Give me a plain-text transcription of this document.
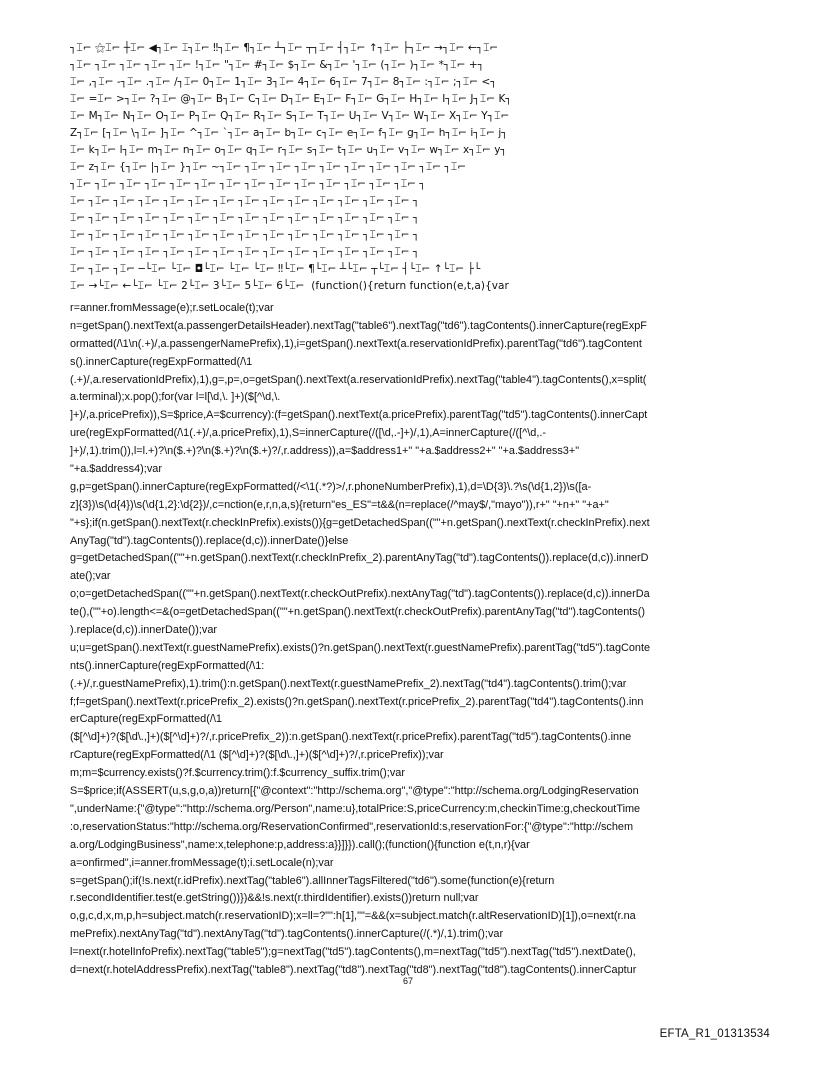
┐⌶⌐ ⚝⌶⌐ ┼⌶⌐ ◀┐⌶⌐ ⌶┐⌶⌐ ‼┐⌶⌐ ¶┐⌶⌐ ┴┐⌶⌐ ┬┐⌶⌐ ┤┐⌶⌐ ↑┐⌶⌐ ├┐⌶⌐ →┐⌶⌐ ←┐⌶⌐
┐⌶⌐ ┐⌶⌐ ┐⌶⌐ ┐⌶⌐ ┐⌶⌐ !┐⌶⌐ "┐⌶⌐ #┐⌶⌐ $┐⌶⌐ &┐⌶⌐ '┐⌶⌐ (┐⌶⌐ )┐⌶⌐ *┐⌶⌐ +┐
⌶⌐ ,┐⌶⌐ -┐⌶⌐ .┐⌶⌐ /┐⌶⌐ 0┐⌶⌐ 1┐⌶⌐ 3┐⌶⌐ 4┐⌶⌐ 6┐⌶⌐ 7┐⌶⌐ 8┐⌶⌐ :┐⌶⌐ ;┐⌶⌐ <┐
⌶⌐ =⌶⌐ >┐⌶⌐ ?┐⌶⌐ @┐⌶⌐ B┐⌶⌐ C┐⌶⌐ D┐⌶⌐ E┐⌶⌐ F┐⌶⌐ G┐⌶⌐ H┐⌶⌐ I┐⌶⌐ J┐⌶⌐ K┐
⌶⌐ M┐⌶⌐ N┐⌶⌐ O┐⌶⌐ P┐⌶⌐ Q┐⌶⌐ R┐⌶⌐ S┐⌶⌐ T┐⌶⌐ U┐⌶⌐ V┐⌶⌐ W┐⌶⌐ X┐⌶⌐ Y┐⌶⌐
Z┐⌶⌐ [┐⌶⌐ \┐⌶⌐ ]┐⌶⌐ ^┐⌶⌐ `┐⌶⌐ a┐⌶⌐ b┐⌶⌐ c┐⌶⌐ e┐⌶⌐ f┐⌶⌐ g┐⌶⌐ h┐⌶⌐ i┐⌶⌐ j┐
⌶⌐ k┐⌶⌐ l┐⌶⌐ m┐⌶⌐ n┐⌶⌐ o┐⌶⌐ q┐⌶⌐ r┐⌶⌐ s┐⌶⌐ t┐⌶⌐ u┐⌶⌐ v┐⌶⌐ w┐⌶⌐ x┐⌶⌐ y┐
⌶⌐ z┐⌶⌐ {┐⌶⌐ |┐⌶⌐ }┐⌶⌐ ~┐⌶⌐ ┐⌶⌐ ┐⌶⌐ ┐⌶⌐ ┐⌶⌐ ┐⌶⌐ ┐⌶⌐ ┐⌶⌐ ┐⌶⌐ ┐⌶⌐
┐⌶⌐ ┐⌶⌐ ┐⌶⌐ ┐⌶⌐ ┐⌶⌐ ┐⌶⌐ ┐⌶⌐ ┐⌶⌐ ┐⌶⌐ ┐⌶⌐ ┐⌶⌐ ┐⌶⌐ ┐⌶⌐ ┐⌶⌐ ┐
⌶⌐ ┐⌶⌐ ┐⌶⌐ ┐⌶⌐ ┐⌶⌐ ┐⌶⌐ ┐⌶⌐ ┐⌶⌐ ┐⌶⌐ ┐⌶⌐ ┐⌶⌐ ┐⌶⌐ ┐⌶⌐ ┐⌶⌐ ┐
⌶⌐ ┐⌶⌐ ┐⌶⌐ ┐⌶⌐ ┐⌶⌐ ┐⌶⌐ ┐⌶⌐ ┐⌶⌐ ┐⌶⌐ ┐⌶⌐ ┐⌶⌐ ┐⌶⌐ ┐⌶⌐ ┐⌶⌐ ┐
⌶⌐ ┐⌶⌐ ┐⌶⌐ ┐⌶⌐ ┐⌶⌐ ┐⌶⌐ ┐⌶⌐ ┐⌶⌐ ┐⌶⌐ ┐⌶⌐ ┐⌶⌐ ┐⌶⌐ ┐⌶⌐ ┐⌶⌐ ┐
⌶⌐ ┐⌶⌐ ┐⌶⌐ ┐⌶⌐ ┐⌶⌐ ┐⌶⌐ ┐⌶⌐ ┐⌶⌐ ┐⌶⌐ ┐⌶⌐ ┐⌶⌐ ┐⌶⌐ ┐⌶⌐ ┐⌶⌐ ┐
⌶⌐ ┐⌶⌐ ┐⌶⌐ ─└⌶⌐ └⌶⌐ ◘└⌶⌐ └⌶⌐ └⌶⌐ ‼└⌶⌐ ¶└⌶⌐ ┴└⌶⌐ ┬└⌶⌐ ┤└⌶⌐ ↑└⌶⌐ ├└
⌶⌐ →└⌶⌐ ←└⌶⌐ └⌶⌐ 2└⌶⌐ 3└⌶⌐ 5└⌶⌐ 6└⌶⌐  (function(){return function(e,t,a){var
r=anner.fromMessage(e);r.setLocale(t);var
n=getSpan().nextText(a.passengerDetailsHeader).nextTag("table6").nextTag("td6").tagContents().innerCapture(regExpF
ormatted(/\1\n(.+)/,a.passengerNamePrefix),1),i=getSpan().nextText(a.reservationIdPrefix).parentTag("td6").tagContent
s().innerCapture(regExpFormatted(/\1
(.+)/,a.reservationIdPrefix),1),g=,p=,o=getSpan().nextText(a.reservationIdPrefix).nextTag("table4").tagContents(),x=split(
a.terminal);x.pop();for(var l=l[\d,\. ]+)($[^\d,\.
]+)/,a.pricePrefix)),S=$price,A=$currency):(f=getSpan().nextText(a.pricePrefix).parentTag("td5").tagContents().innerCapt
ure(regExpFormatted(/\1(.+)/,a.pricePrefix),1),S=innerCapture(/([\d,.-]+)/,1),A=innerCapture(/([^\d,.-
]+)/,1).trim()),l=l.+)?\n($.+)?\n($.+)?\n($.+)?/,r.address)),a=$address1+" "+a.$address2+" "+a.$address3+"
"+a.$address4);var
g,p=getSpan().innerCapture(regExpFormatted(/<\1(.*?)>/,r.phoneNumberPrefix),1),d=\D{3}\.?\s(\d{1,2})\s([a-
z]{3})\s(\d{4})\s(\d{1,2}:\d{2})/,c=nction(e,r,n,a,s){return"es_ES"=t&&(n=replace(/^may$/,"mayo")),r+" "+n+" "+a+"
"+s};if(n.getSpan().nextText(r.checkInPrefix).exists()){g=getDetachedSpan((""+n.getSpan().nextText(r.checkInPrefix).next
AnyTag("td").tagContents()).replace(d,c)).innerDate()}else
g=getDetachedSpan((""+n.getSpan().nextText(r.checkInPrefix_2).parentAnyTag("td").tagContents()).replace(d,c)).innerD
ate();var
o;o=getDetachedSpan((""+n.getSpan().nextText(r.checkOutPrefix).nextAnyTag("td").tagContents()).replace(d,c)).innerDa
te(),(""+o).length<=&(o=getDetachedSpan((""+n.getSpan().nextText(r.checkOutPrefix).parentAnyTag("td").tagContents()
).replace(d,c)).innerDate());var
u;u=getSpan().nextText(r.guestNamePrefix).exists()?n.getSpan().nextText(r.guestNamePrefix).parentTag("td5").tagConte
nts().innerCapture(regExpFormatted(/\1:
(.+)/,r.guestNamePrefix),1).trim():n.getSpan().nextText(r.guestNamePrefix_2).nextTag("td4").tagContents().trim();var
f;f=getSpan().nextText(r.pricePrefix_2).exists()?n.getSpan().nextText(r.pricePrefix_2).parentTag("td4").tagContents().inn
erCapture(regExpFormatted(/\1
($[^\d]+)?($[\d\.,]+)($[^\d]+)?/,r.pricePrefix_2)):n.getSpan().nextText(r.pricePrefix).parentTag("td5").tagContents().inne
rCapture(regExpFormatted(/\1 ($[^\d]+)?($[\d\.,]+)($[^\d]+)?/,r.pricePrefix));var
m;m=$currency.exists()?f.$currency.trim():f.$currency_suffix.trim();var
S=$price;if(ASSERT(u,s,g,o,a))return[{"@context":"http://schema.org","@type":"http://schema.org/LodgingReservation
",underName:{"@type":"http://schema.org/Person",name:u},totalPrice:S,priceCurrency:m,checkinTime:g,checkoutTime
:o,reservationStatus:"http://schema.org/ReservationConfirmed",reservationId:s,reservationFor:{"@type":"http://schem
a.org/LodgingBusiness",name:x,telephone:p,address:a}}]}}).call();(function(){function e(t,n,r){var
a=onfirmed",i=anner.fromMessage(t);i.setLocale(n);var
s=getSpan();if(!s.next(r.idPrefix).nextTag("table6").allInnerTagsFiltered("td6").some(function(e){return
r.secondIdentifier.test(e.getString())})&&!s.next(r.thirdIdentifier).exists())return null;var
o,g,c,d,x,m,p,h=subject.match(r.reservationID);x=ll=?"":h[1],""=&&(x=subject.match(r.altReservationID)[1]),o=next(r.na
mePrefix).nextAnyTag("td").nextAnyTag("td").tagContents().innerCapture(/(.*)/,1).trim();var
l=next(r.hotelInfoPrefix).nextTag("table5");g=nextTag("td5").tagContents(),m=nextTag("td5").nextTag("td5").nextDate(),
d=next(r.hotelAddressPrefix).nextTag("table8").nextTag("td8").nextTag("td8").nextTag("td8").tagContents().innerCaptur
67
EFTA_R1_01313534
